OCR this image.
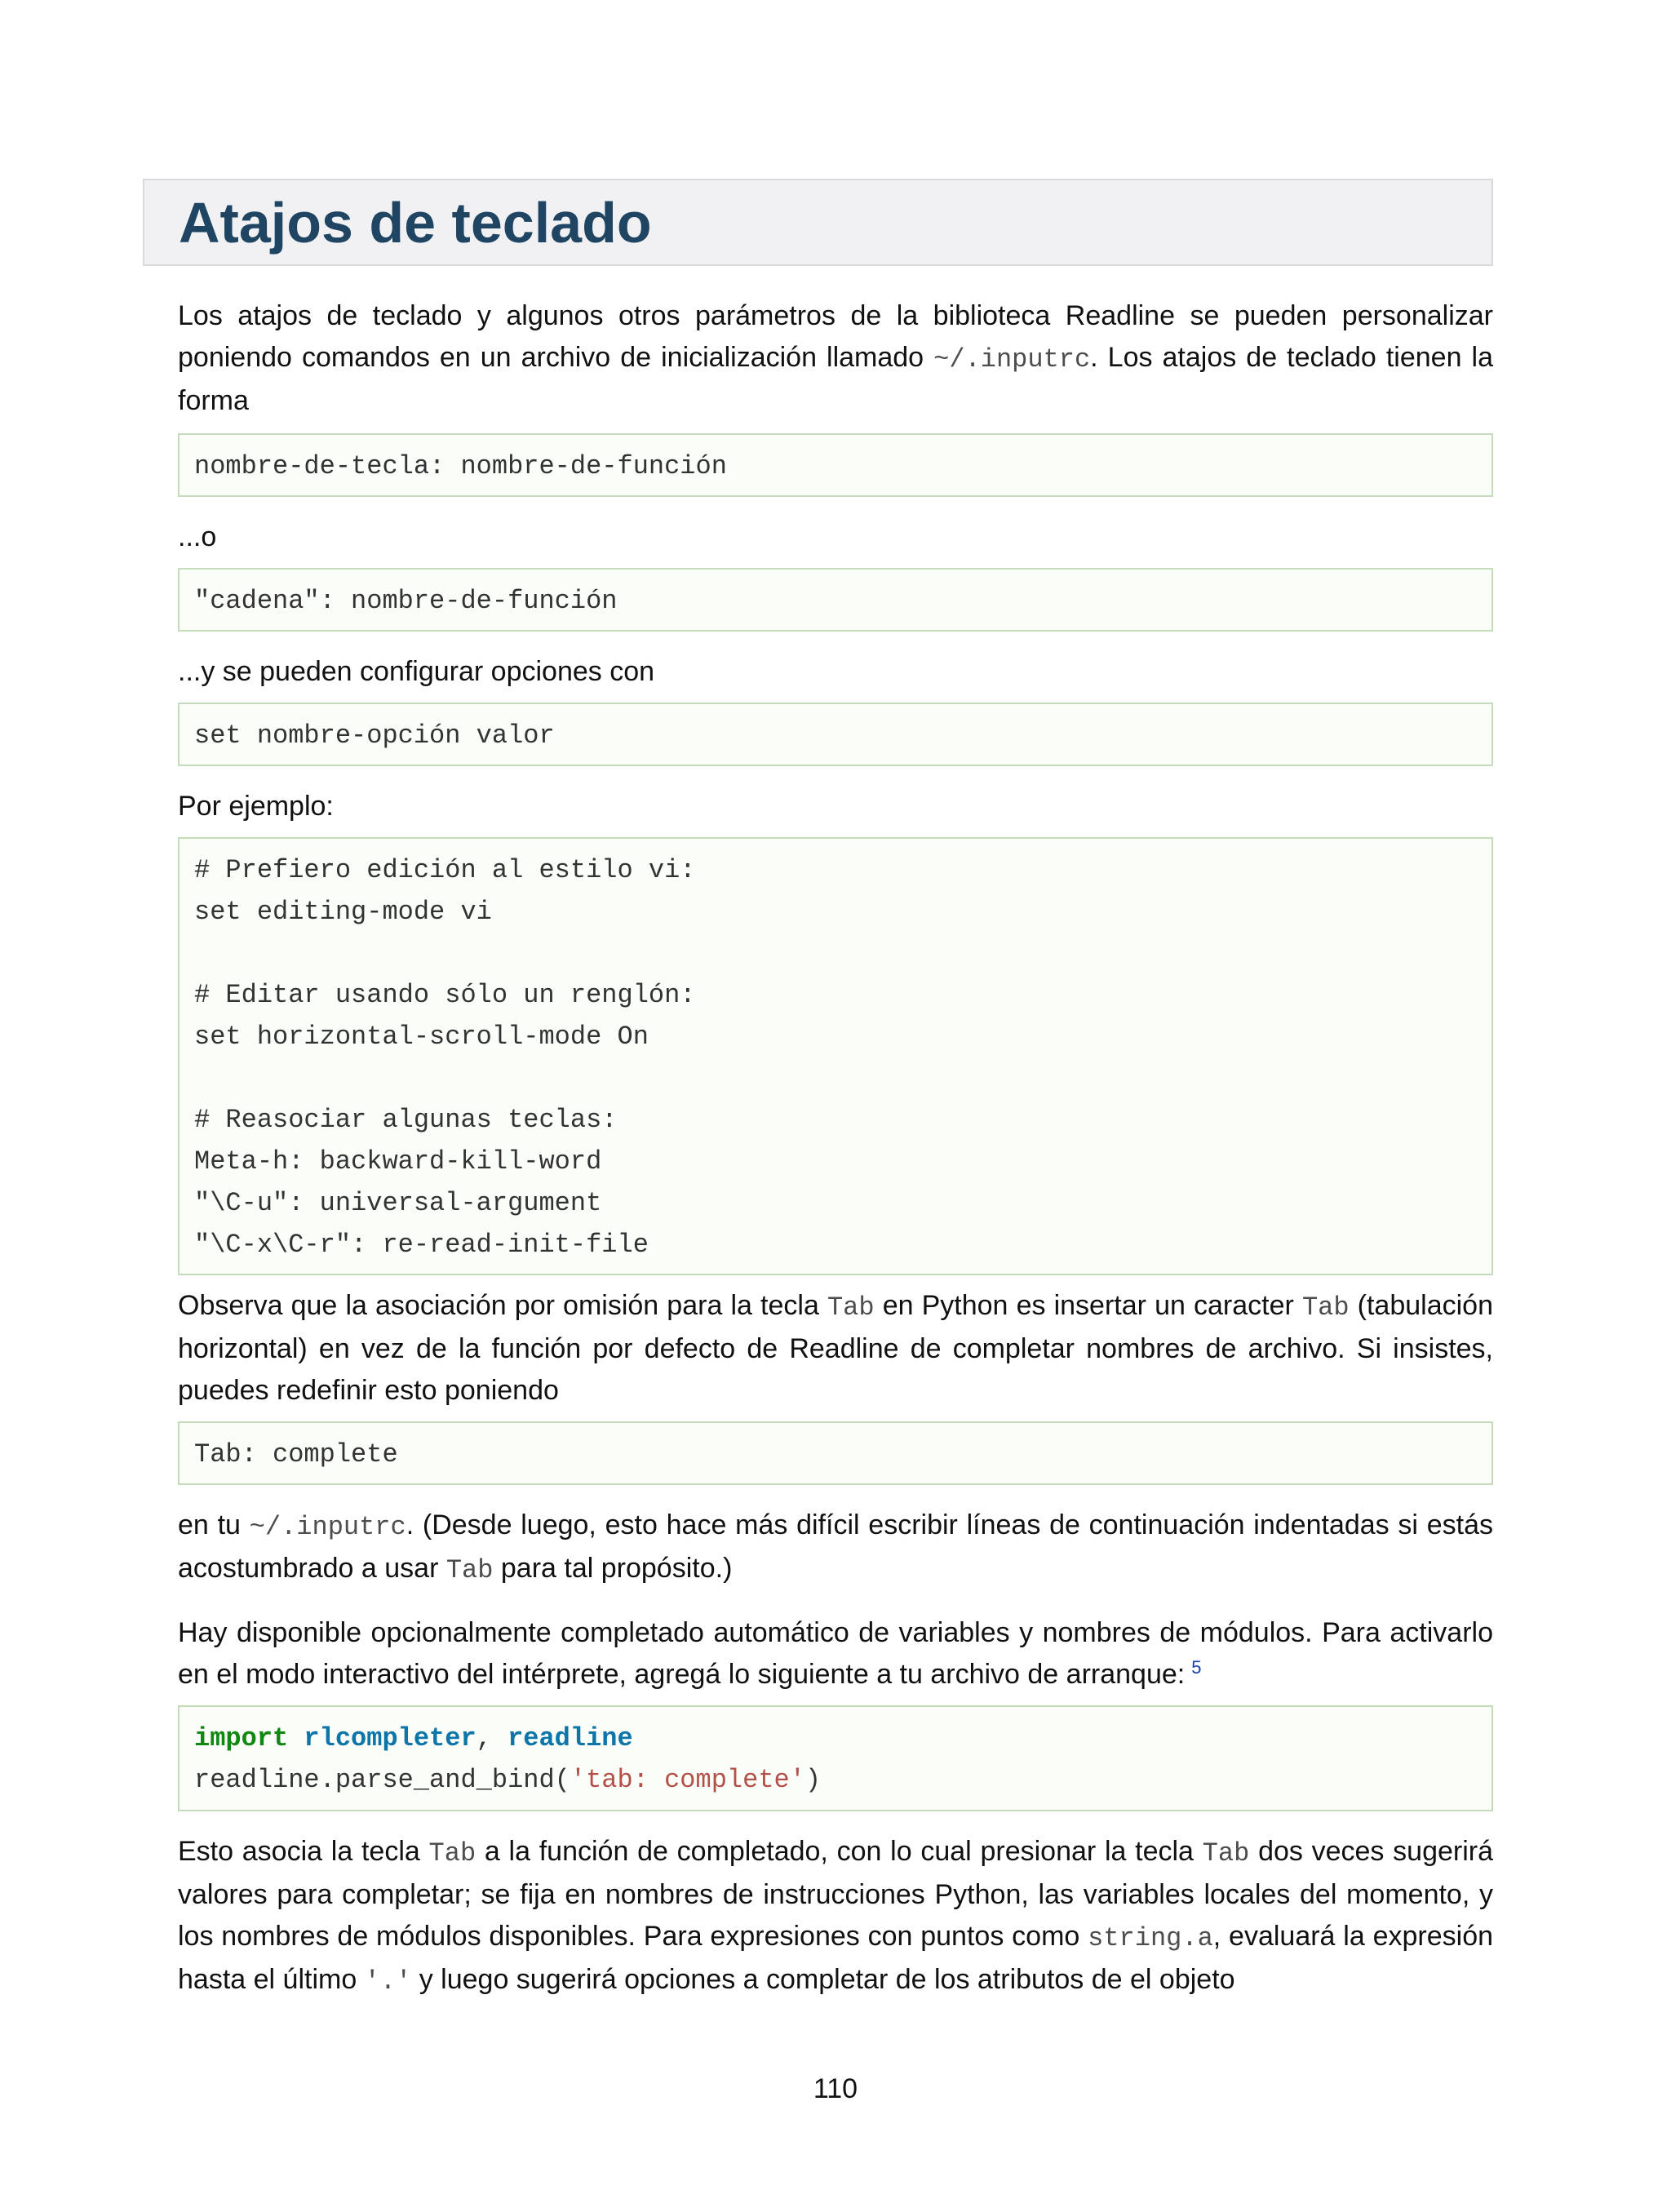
Atajos de teclado

Los atajos de teclado y algunos otros parámetros de la biblioteca Readline se pueden personalizar poniendo comandos en un archivo de inicialización llamado ~/.inputrc. Los atajos de teclado tienen la forma

nombre-de-tecla: nombre-de-función

...o

"cadena": nombre-de-función

...y se pueden configurar opciones con

set nombre-opción valor

Por ejemplo:

# Prefiero edición al estilo vi:
set editing-mode vi
# Editar usando sólo un renglón:
set horizontal-scroll-mode On
# Reasociar algunas teclas:
Meta-h: backward-kill-word
"\C-u": universal-argument
"\C-x\C-r": re-read-init-file

Observa que la asociación por omisión para la tecla Tab en Python es insertar un caracter Tab (tabulación horizontal) en vez de la función por defecto de Readline de completar nombres de archivo. Si insistes, puedes redefinir esto poniendo

Tab: complete

en tu ~/.inputrc. (Desde luego, esto hace más difícil escribir líneas de continuación indentadas si estás acostumbrado a usar Tab para tal propósito.)

Hay disponible opcionalmente completado automático de variables y nombres de módulos. Para activarlo en el modo interactivo del intérprete, agregá lo siguiente a tu archivo de arranque: $^5$

import rlcompleter, readline
readline.parse_and_bind('tab: complete')

Esto asocia la tecla Tab a la función de completado, con lo cual presionar la tecla Tab dos veces sugerirá valores para completar; se fija en nombres de instrucciones Python, las variables locales del momento, y los nombres de módulos disponibles. Para expresiones con puntos como string.a, evaluará la expresión hasta el último '.' y luego sugerirá opciones a completar de los atributos de el objeto

110
